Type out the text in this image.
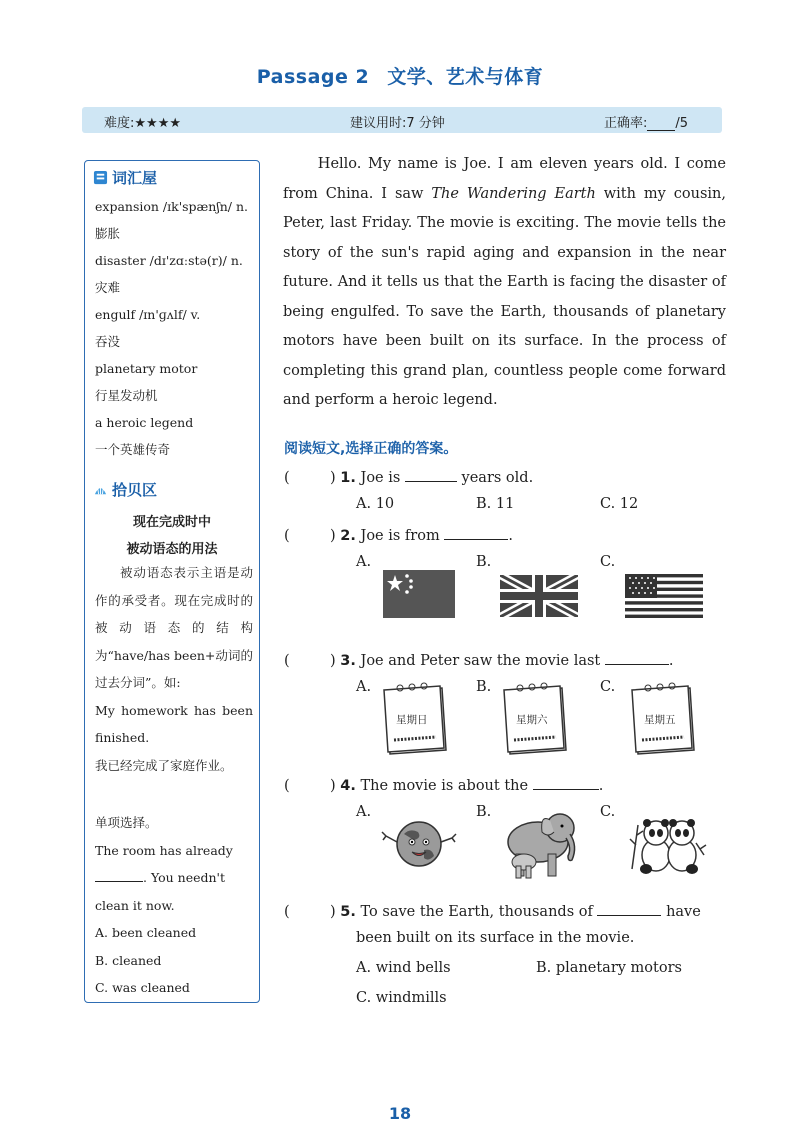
Passage 2 文学、艺术与体育
难度:★★★★	建议用时:7 分钟	正确率: /5
词汇屋
expansion /ɪk'spænʃn/ n.
膨胀
disaster /dɪ'zɑːstə(r)/ n.
灾难
engulf /ɪn'ɡʌlf/ v.
吞没
planetary motor
行星发动机
a heroic legend
一个英雄传奇
拾贝区
现在完成时中
被动语态的用法
被动语态表示主语是动作的承受者。现在完成时的被动语态的结构为“have/has been+动词的过去分词”。如:
My homework has been finished.
我已经完成了家庭作业。
单项选择。
The room has already
. You needn't
clean it now.
A. been cleaned
B. cleaned
C. was cleaned

Hello. My name is Joe. I am eleven years old. I come from China. I saw The Wandering Earth with my cousin, Peter, last Friday. The movie is exciting. The movie tells the story of the sun's rapid aging and expansion in the near future. And it tells us that the Earth is facing the disaster of being engulfed. To save the Earth, thousands of planetary motors have been built on its surface. In the process of completing this grand plan, countless people come forward and perform a heroic legend.

阅读短文,选择正确的答案。
(	) 1. Joe is	years old.
A. 10	B. 11	C. 12
(	) 2. Joe is from	.
A.	B.	C.
(	) 3. Joe and Peter saw the movie last	.
A.	B.	C.
星期日	星期六	星期五
(	) 4. The movie is about the	.
A.	B.	C.
(	) 5. To save the Earth, thousands of	have
been built on its surface in the movie.
A. wind bells	B. planetary motors
C. windmills
18
